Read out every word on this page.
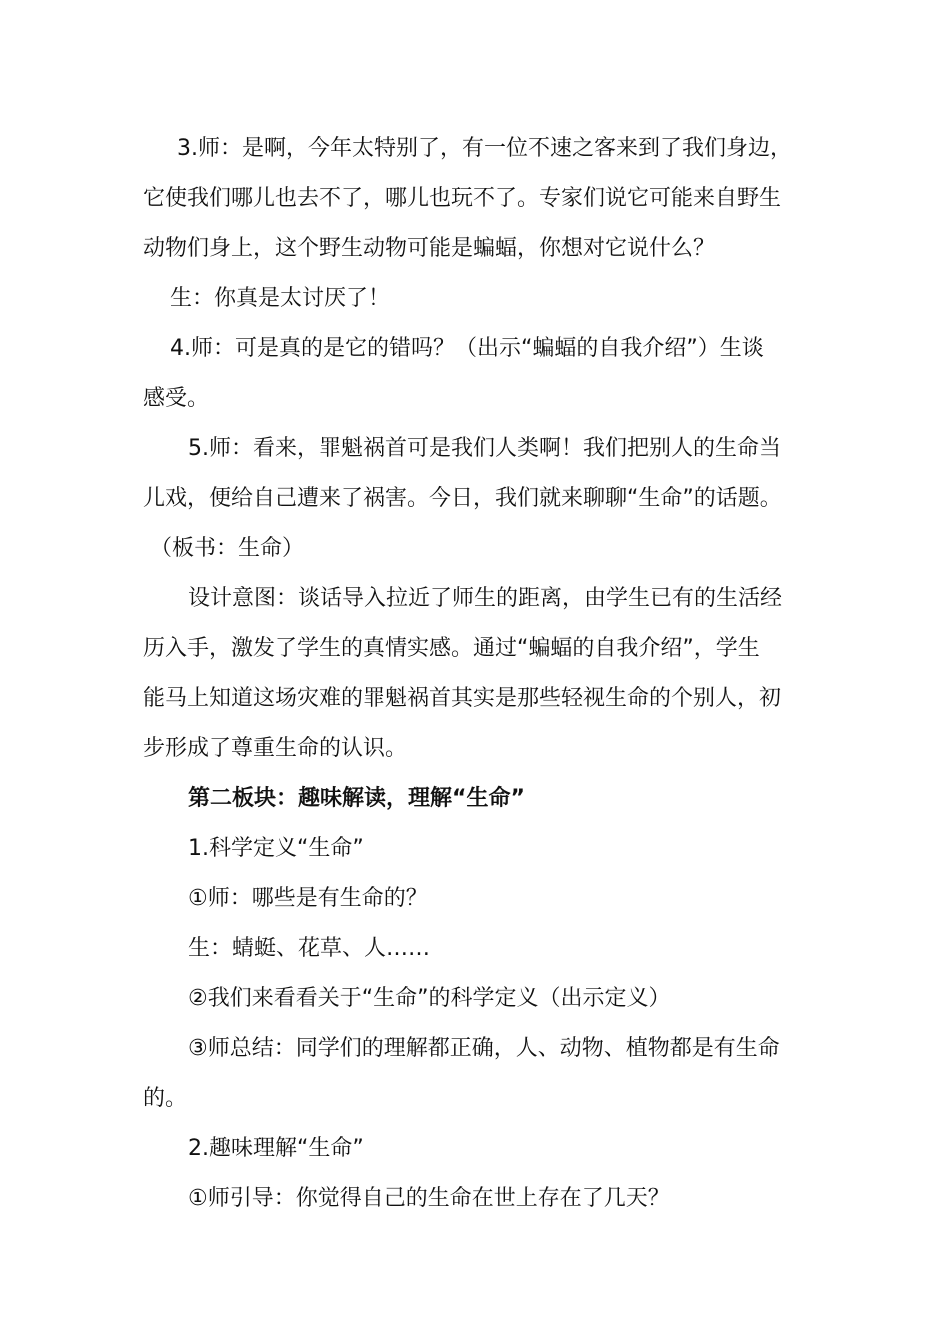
3.师：是啊，今年太特别了，有一位不速之客来到了我们身边，
它使我们哪儿也去不了，哪儿也玩不了。专家们说它可能来自野生
动物们身上，这个野生动物可能是蝙蝠，你想对它说什么？
生：你真是太讨厌了！
4.师：可是真的是它的错吗？（出示“蝙蝠的自我介绍”）生谈
感受。
5.师：看来，罪魁祸首可是我们人类啊！我们把别人的生命当
儿戏，便给自己遭来了祸害。今日，我们就来聊聊“生命”的话题。
（板书：生命）
设计意图：谈话导入拉近了师生的距离，由学生已有的生活经
历入手，激发了学生的真情实感。通过“蝙蝠的自我介绍”，学生
能马上知道这场灾难的罪魁祸首其实是那些轻视生命的个别人，初
步形成了尊重生命的认识。
第二板块：趣味解读，理解“生命”
1.科学定义“生命”
①师：哪些是有生命的？
生：蜻蜓、花草、人……
②我们来看看关于“生命”的科学定义（出示定义）
③师总结：同学们的理解都正确，人、动物、植物都是有生命
的。
2.趣味理解“生命”
①师引导：你觉得自己的生命在世上存在了几天？
